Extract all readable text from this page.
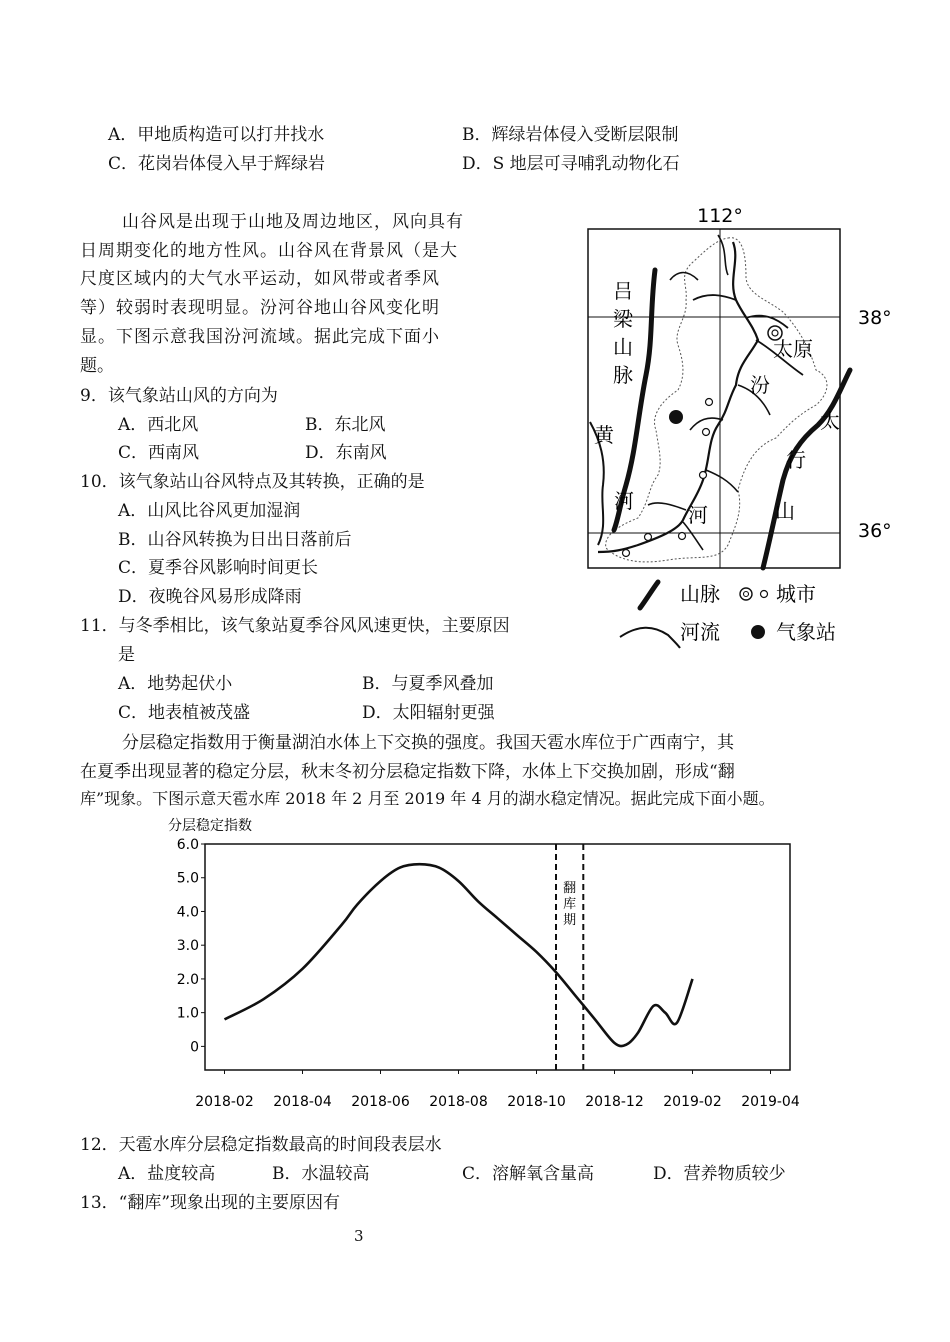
A．甲地质构造可以打井找水	B．辉绿岩体侵入受断层限制
C．花岗岩体侵入早于辉绿岩	D．S 地层可寻哺乳动物化石
山谷风是出现于山地及周边地区，风向具有
日周期变化的地方性风。山谷风在背景风（是大
尺度区域内的大气水平运动，如风带或者季风
等）较弱时表现明显。汾河谷地山谷风变化明
显。下图示意我国汾河流域。据此完成下面小
题。
9．该气象站山风的方向为
A．西北风	B．东北风
C．西南风	D．东南风
10．该气象站山谷风特点及其转换，正确的是
A．山风比谷风更加湿润
B．山谷风转换为日出日落前后
C．夏季谷风影响时间更长
D．夜晚谷风易形成降雨
11．与冬季相比，该气象站夏季谷风风速更快，主要原因
是
A．地势起伏小	B．与夏季风叠加
C．地表植被茂盛	D．太阳辐射更强
112°
38°
36°
吕
梁
山
脉
太原
汾
河
黄
河
太
行
山
山脉	城市
河流	气象站
分层稳定指数用于衡量湖泊水体上下交换的强度。我国天雹水库位于广西南宁，其
在夏季出现显著的稳定分层，秋末冬初分层稳定指数下降，水体上下交换加剧，形成“翻
库”现象。下图示意天雹水库 2018 年 2 月至 2019 年 4 月的湖水稳定情况。据此完成下面小题。
分层稳定指数
6.0
5.0
4.0
3.0
2.0
1.0
0
2018-02 2018-04 2018-06 2018-08 2018-10 2018-12 2019-02 2019-04
翻
库
期
12．天雹水库分层稳定指数最高的时间段表层水
A．盐度较高	B．水温较高	C．溶解氧含量高	D．营养物质较少
13．“翻库”现象出现的主要原因有
3
